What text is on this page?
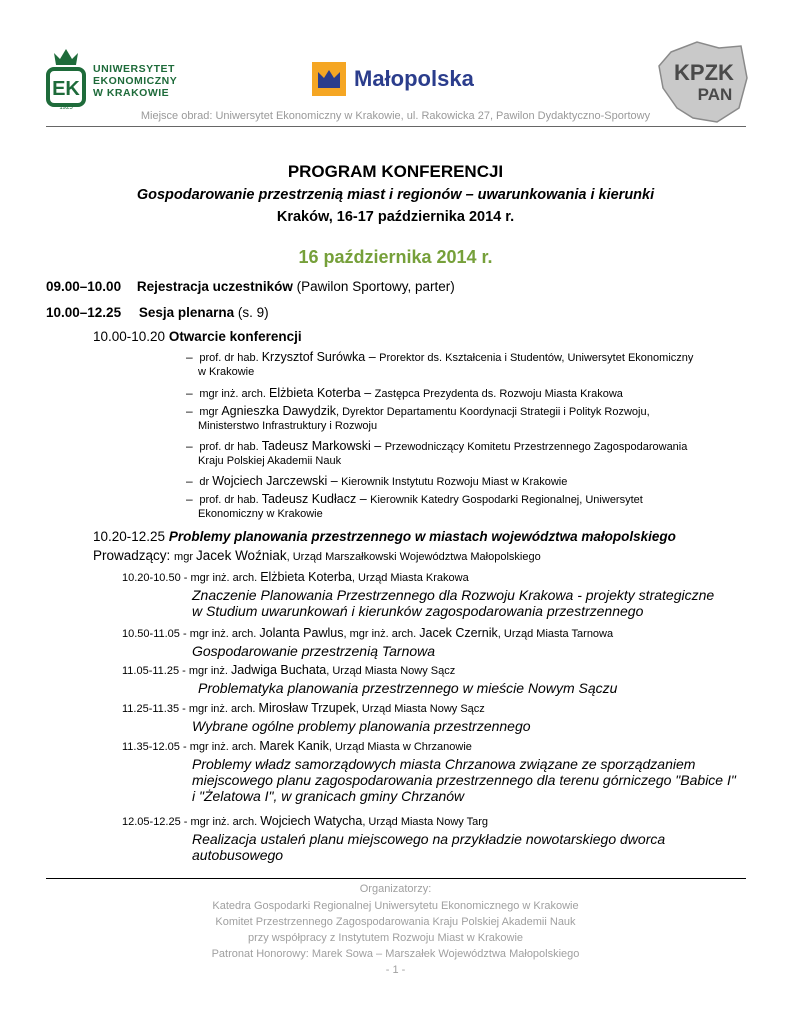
EK
1925
UNIWERSYTET
EKONOMICZNY
W KRAKOWIE
Małopolska	KPZK
PAN
Miejsce obrad: Uniwersytet Ekonomiczny w Krakowie, ul. Rakowicka 27, Pawilon Dydaktyczno-Sportowy
PROGRAM KONFERENCJI
Gospodarowanie przestrzenią miast i regionów – uwarunkowania i kierunki
Kraków, 16-17 października 2014 r.
16 października 2014 r.
09.00–10.00 Rejestracja uczestników (Pawilon Sportowy, parter)
10.00–12.25 Sesja plenarna (s. 9)
10.00-10.20 Otwarcie konferencji
–  prof. dr hab. Krzysztof Surówka – Prorektor ds. Kształcenia i Studentów, Uniwersytet Ekonomiczny
w Krakowie
–  mgr inż. arch. Elżbieta Koterba – Zastępca Prezydenta ds. Rozwoju Miasta Krakowa
–  mgr Agnieszka Dawydzik, Dyrektor Departamentu Koordynacji Strategii i Polityk Rozwoju,
Ministerstwo Infrastruktury i Rozwoju
–  prof. dr hab. Tadeusz Markowski – Przewodniczący Komitetu Przestrzennego Zagospodarowania
Kraju Polskiej Akademii Nauk
–  dr Wojciech Jarczewski – Kierownik Instytutu Rozwoju Miast w Krakowie
–  prof. dr hab. Tadeusz Kudłacz – Kierownik Katedry Gospodarki Regionalnej, Uniwersytet
Ekonomiczny w Krakowie
10.20-12.25 Problemy planowania przestrzennego w miastach województwa małopolskiego
Prowadzący: mgr Jacek Woźniak, Urząd Marszałkowski Województwa Małopolskiego
10.20-10.50 - mgr inż. arch. Elżbieta Koterba, Urząd Miasta Krakowa
Znaczenie Planowania Przestrzennego dla Rozwoju Krakowa - projekty strategiczne
w Studium uwarunkowań i kierunków zagospodarowania przestrzennego
10.50-11.05 - mgr inż. arch. Jolanta Pawlus, mgr inż. arch. Jacek Czernik, Urząd Miasta Tarnowa
Gospodarowanie przestrzenią Tarnowa
11.05-11.25 - mgr inż. Jadwiga Buchata, Urząd Miasta Nowy Sącz
Problematyka planowania przestrzennego w mieście Nowym Sączu
11.25-11.35 - mgr inż. arch. Mirosław Trzupek, Urząd Miasta Nowy Sącz
Wybrane ogólne problemy planowania przestrzennego
11.35-12.05 - mgr inż. arch. Marek Kanik, Urząd Miasta w Chrzanowie
Problemy władz samorządowych miasta Chrzanowa związane ze sporządzaniem
miejscowego planu zagospodarowania przestrzennego dla terenu górniczego "Babice I"
i "Żelatowa I", w granicach gminy Chrzanów
12.05-12.25 - mgr inż. arch. Wojciech Watycha, Urząd Miasta Nowy Targ
Realizacja ustaleń planu miejscowego na przykładzie nowotarskiego dworca
autobusowego
Organizatorzy:
Katedra Gospodarki Regionalnej Uniwersytetu Ekonomicznego w Krakowie
Komitet Przestrzennego Zagospodarowania Kraju Polskiej Akademii Nauk
przy współpracy z Instytutem Rozwoju Miast w Krakowie
Patronat Honorowy: Marek Sowa – Marszałek Województwa Małopolskiego
- 1 -
